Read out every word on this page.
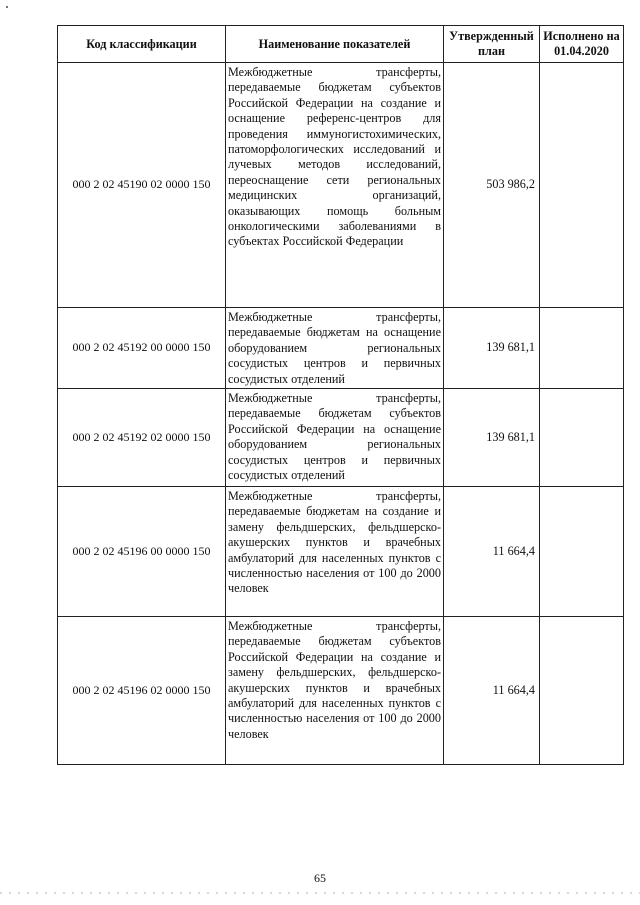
Код классификации	Наименование показателей	Утвержденный план	Исполнено на 01.04.2020
000 2 02 45190 02 0000 150	Межбюджетные трансферты, передаваемые бюджетам субъектов Российской Федерации на создание и оснащение референс-центров для проведения иммуногистохимических, патоморфологических исследований и лучевых методов исследований, переоснащение сети региональных медицинских организаций, оказывающих помощь больным онкологическими заболеваниями в субъектах Российской Федерации	503 986,2	
000 2 02 45192 00 0000 150	Межбюджетные трансферты, передаваемые бюджетам на оснащение оборудованием региональных сосудистых центров и первичных сосудистых отделений	139 681,1	
000 2 02 45192 02 0000 150	Межбюджетные трансферты, передаваемые бюджетам субъектов Российской Федерации на оснащение оборудованием региональных сосудистых центров и первичных сосудистых отделений	139 681,1	
000 2 02 45196 00 0000 150	Межбюджетные трансферты, передаваемые бюджетам на создание и замену фельдшерских, фельдшерско-акушерских пунктов и врачебных амбулаторий для населенных пунктов с численностью населения от 100 до 2000 человек	11 664,4	
000 2 02 45196 02 0000 150	Межбюджетные трансферты, передаваемые бюджетам субъектов Российской Федерации на создание и замену фельдшерских, фельдшерско-акушерских пунктов и врачебных амбулаторий для населенных пунктов с численностью населения от 100 до 2000 человек	11 664,4	
65
